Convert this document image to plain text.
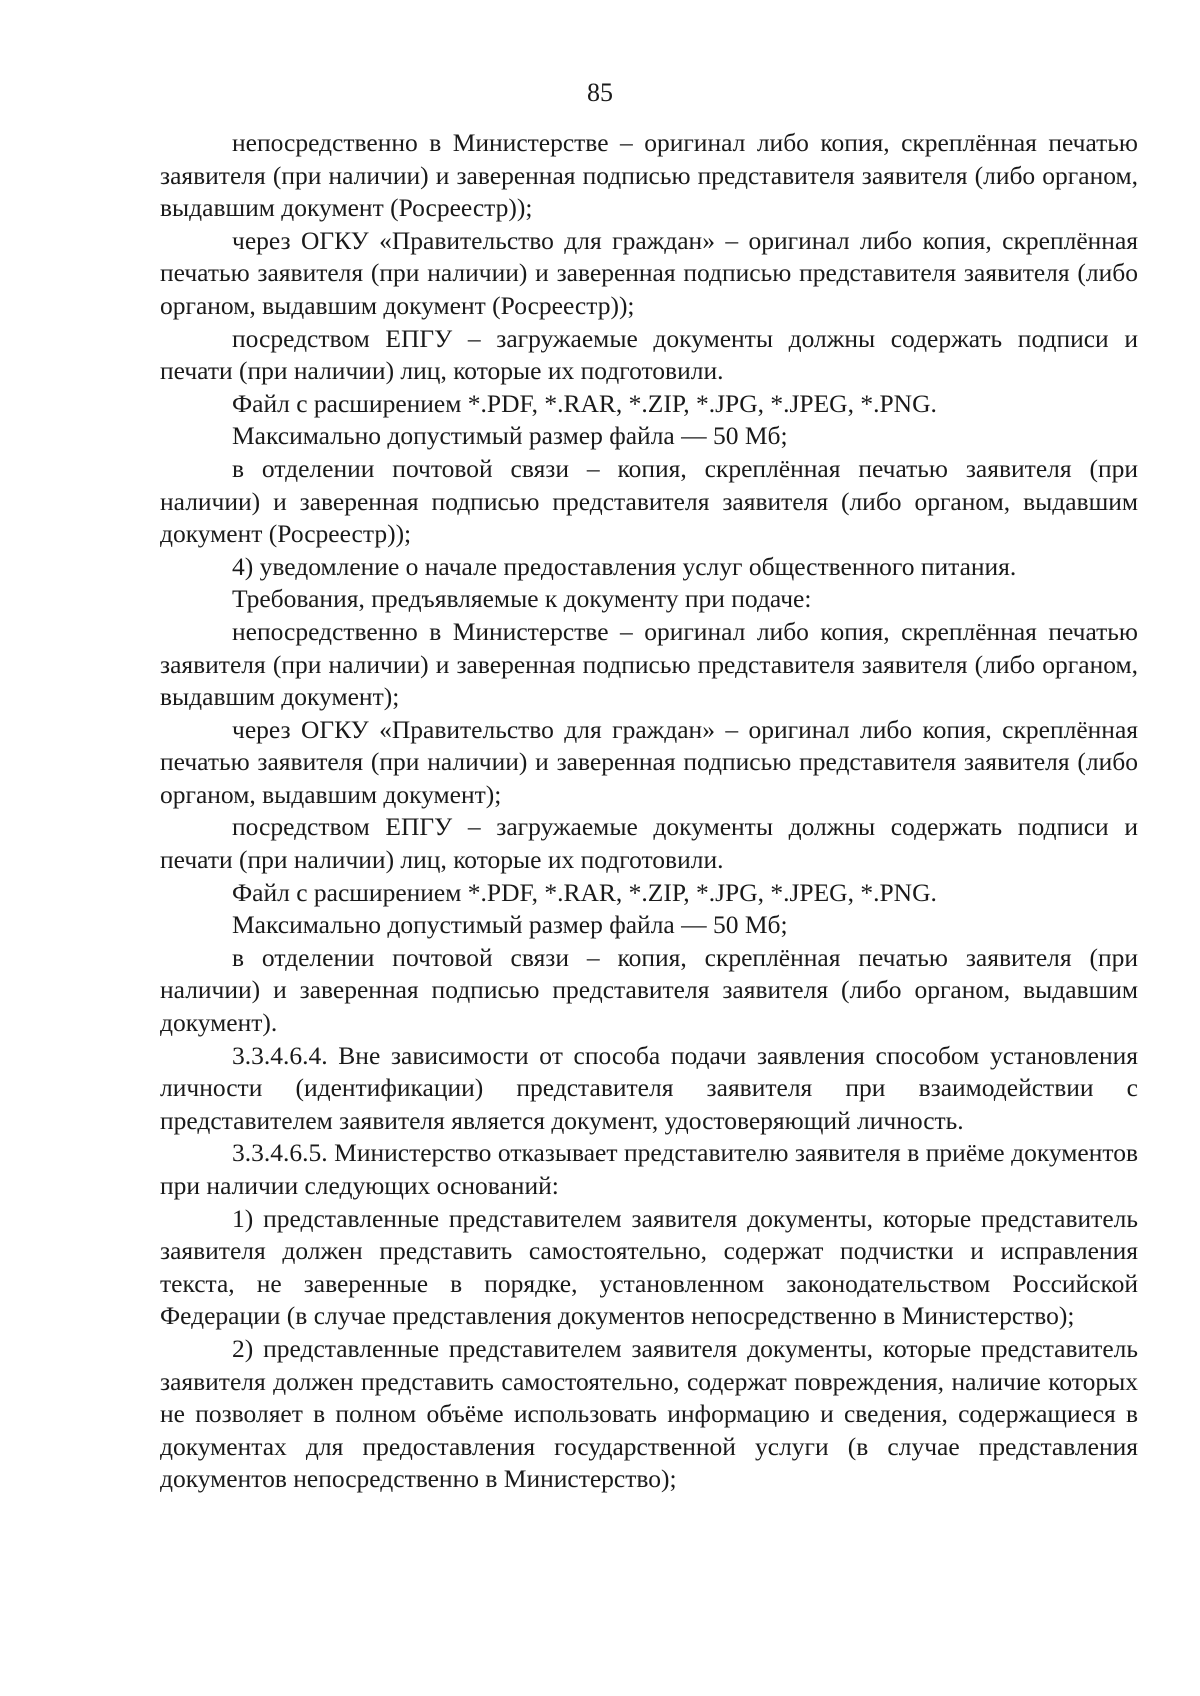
85

непосредственно в Министерстве – оригинал либо копия, скреплённая печатью заявителя (при наличии) и заверенная подписью представителя заявителя (либо органом, выдавшим документ (Росреестр));

через ОГКУ «Правительство для граждан» – оригинал либо копия, скреплённая печатью заявителя (при наличии) и заверенная подписью представителя заявителя (либо органом, выдавшим документ (Росреестр));

посредством ЕПГУ – загружаемые документы должны содержать подписи и печати (при наличии) лиц, которые их подготовили.

Файл с расширением *.PDF, *.RAR, *.ZIP, *.JPG, *.JPEG, *.PNG.

Максимально допустимый размер файла — 50 Мб;

в отделении почтовой связи – копия, скреплённая печатью заявителя (при наличии) и заверенная подписью представителя заявителя (либо органом, выдавшим документ (Росреестр));

4) уведомление о начале предоставления услуг общественного питания.

Требования, предъявляемые к документу при подаче:

непосредственно в Министерстве – оригинал либо копия, скреплённая печатью заявителя (при наличии) и заверенная подписью представителя заявителя (либо органом, выдавшим документ);

через ОГКУ «Правительство для граждан» – оригинал либо копия, скреплённая печатью заявителя (при наличии) и заверенная подписью представителя заявителя (либо органом, выдавшим документ);

посредством ЕПГУ – загружаемые документы должны содержать подписи и печати (при наличии) лиц, которые их подготовили.

Файл с расширением *.PDF, *.RAR, *.ZIP, *.JPG, *.JPEG, *.PNG.

Максимально допустимый размер файла — 50 Мб;

в отделении почтовой связи – копия, скреплённая печатью заявителя (при наличии) и заверенная подписью представителя заявителя (либо органом, выдавшим документ).

3.3.4.6.4. Вне зависимости от способа подачи заявления способом установления личности (идентификации) представителя заявителя при взаимодействии с представителем заявителя является документ, удостоверяющий личность.

3.3.4.6.5. Министерство отказывает представителю заявителя в приёме документов при наличии следующих оснований:

1) представленные представителем заявителя документы, которые представитель заявителя должен представить самостоятельно, содержат подчистки и исправления текста, не заверенные в порядке, установленном законодательством Российской Федерации (в случае представления документов непосредственно в Министерство);

2) представленные представителем заявителя документы, которые представитель заявителя должен представить самостоятельно, содержат повреждения, наличие которых не позволяет в полном объёме использовать информацию и сведения, содержащиеся в документах для предоставления государственной услуги (в случае представления документов непосредственно в Министерство);
